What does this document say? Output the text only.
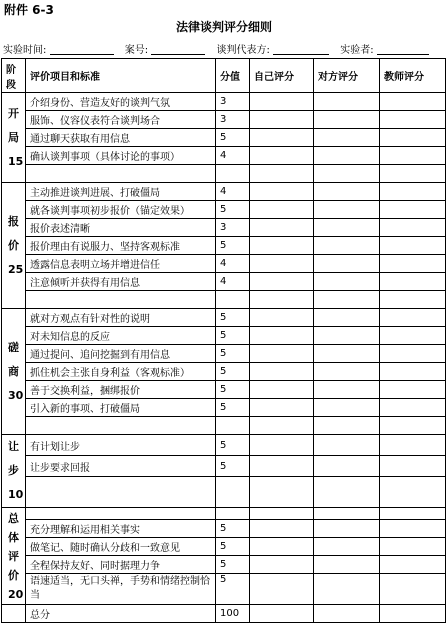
附件 6-3
法律谈判评分细则
实验时间:	案号:	谈判代表方:	实验者:
阶段	评价项目和标准	分值	自己评分	对方评分	教师评分

开
局
15	介绍身份、营造友好的谈判气氛	3			
	服饰、仪容仪表符合谈判场合	3			
	通过聊天获取有用信息	5			
	确认谈判事项（具体讨论的事项）	4			

报
价
25	主动推进谈判进展、打破僵局	4			
	就各谈判事项初步报价（锚定效果）	5			
	报价表述清晰	3			
	报价理由有说服力、坚持客观标准	5			
	透露信息表明立场并增进信任	4			
	注意倾听并获得有用信息	4			

磋
商
30	就对方观点有针对性的说明	5			
	对未知信息的反应	5			
	通过提问、追问挖掘到有用信息	5			
	抓住机会主张自身利益（客观标准）	5			
	善于交换利益，捆绑报价	5			
	引入新的事项、打破僵局	5			

让
步
10	有计划让步	5			
	让步要求回报	5			

总
体
评
价
20					

	充分理解和运用相关事实	5			
	做笔记、随时确认分歧和一致意见	5			
	全程保持友好、同时据理力争	5			
	语速适当，无口头禅，手势和情绪控制恰当	5			
	总分	100			
